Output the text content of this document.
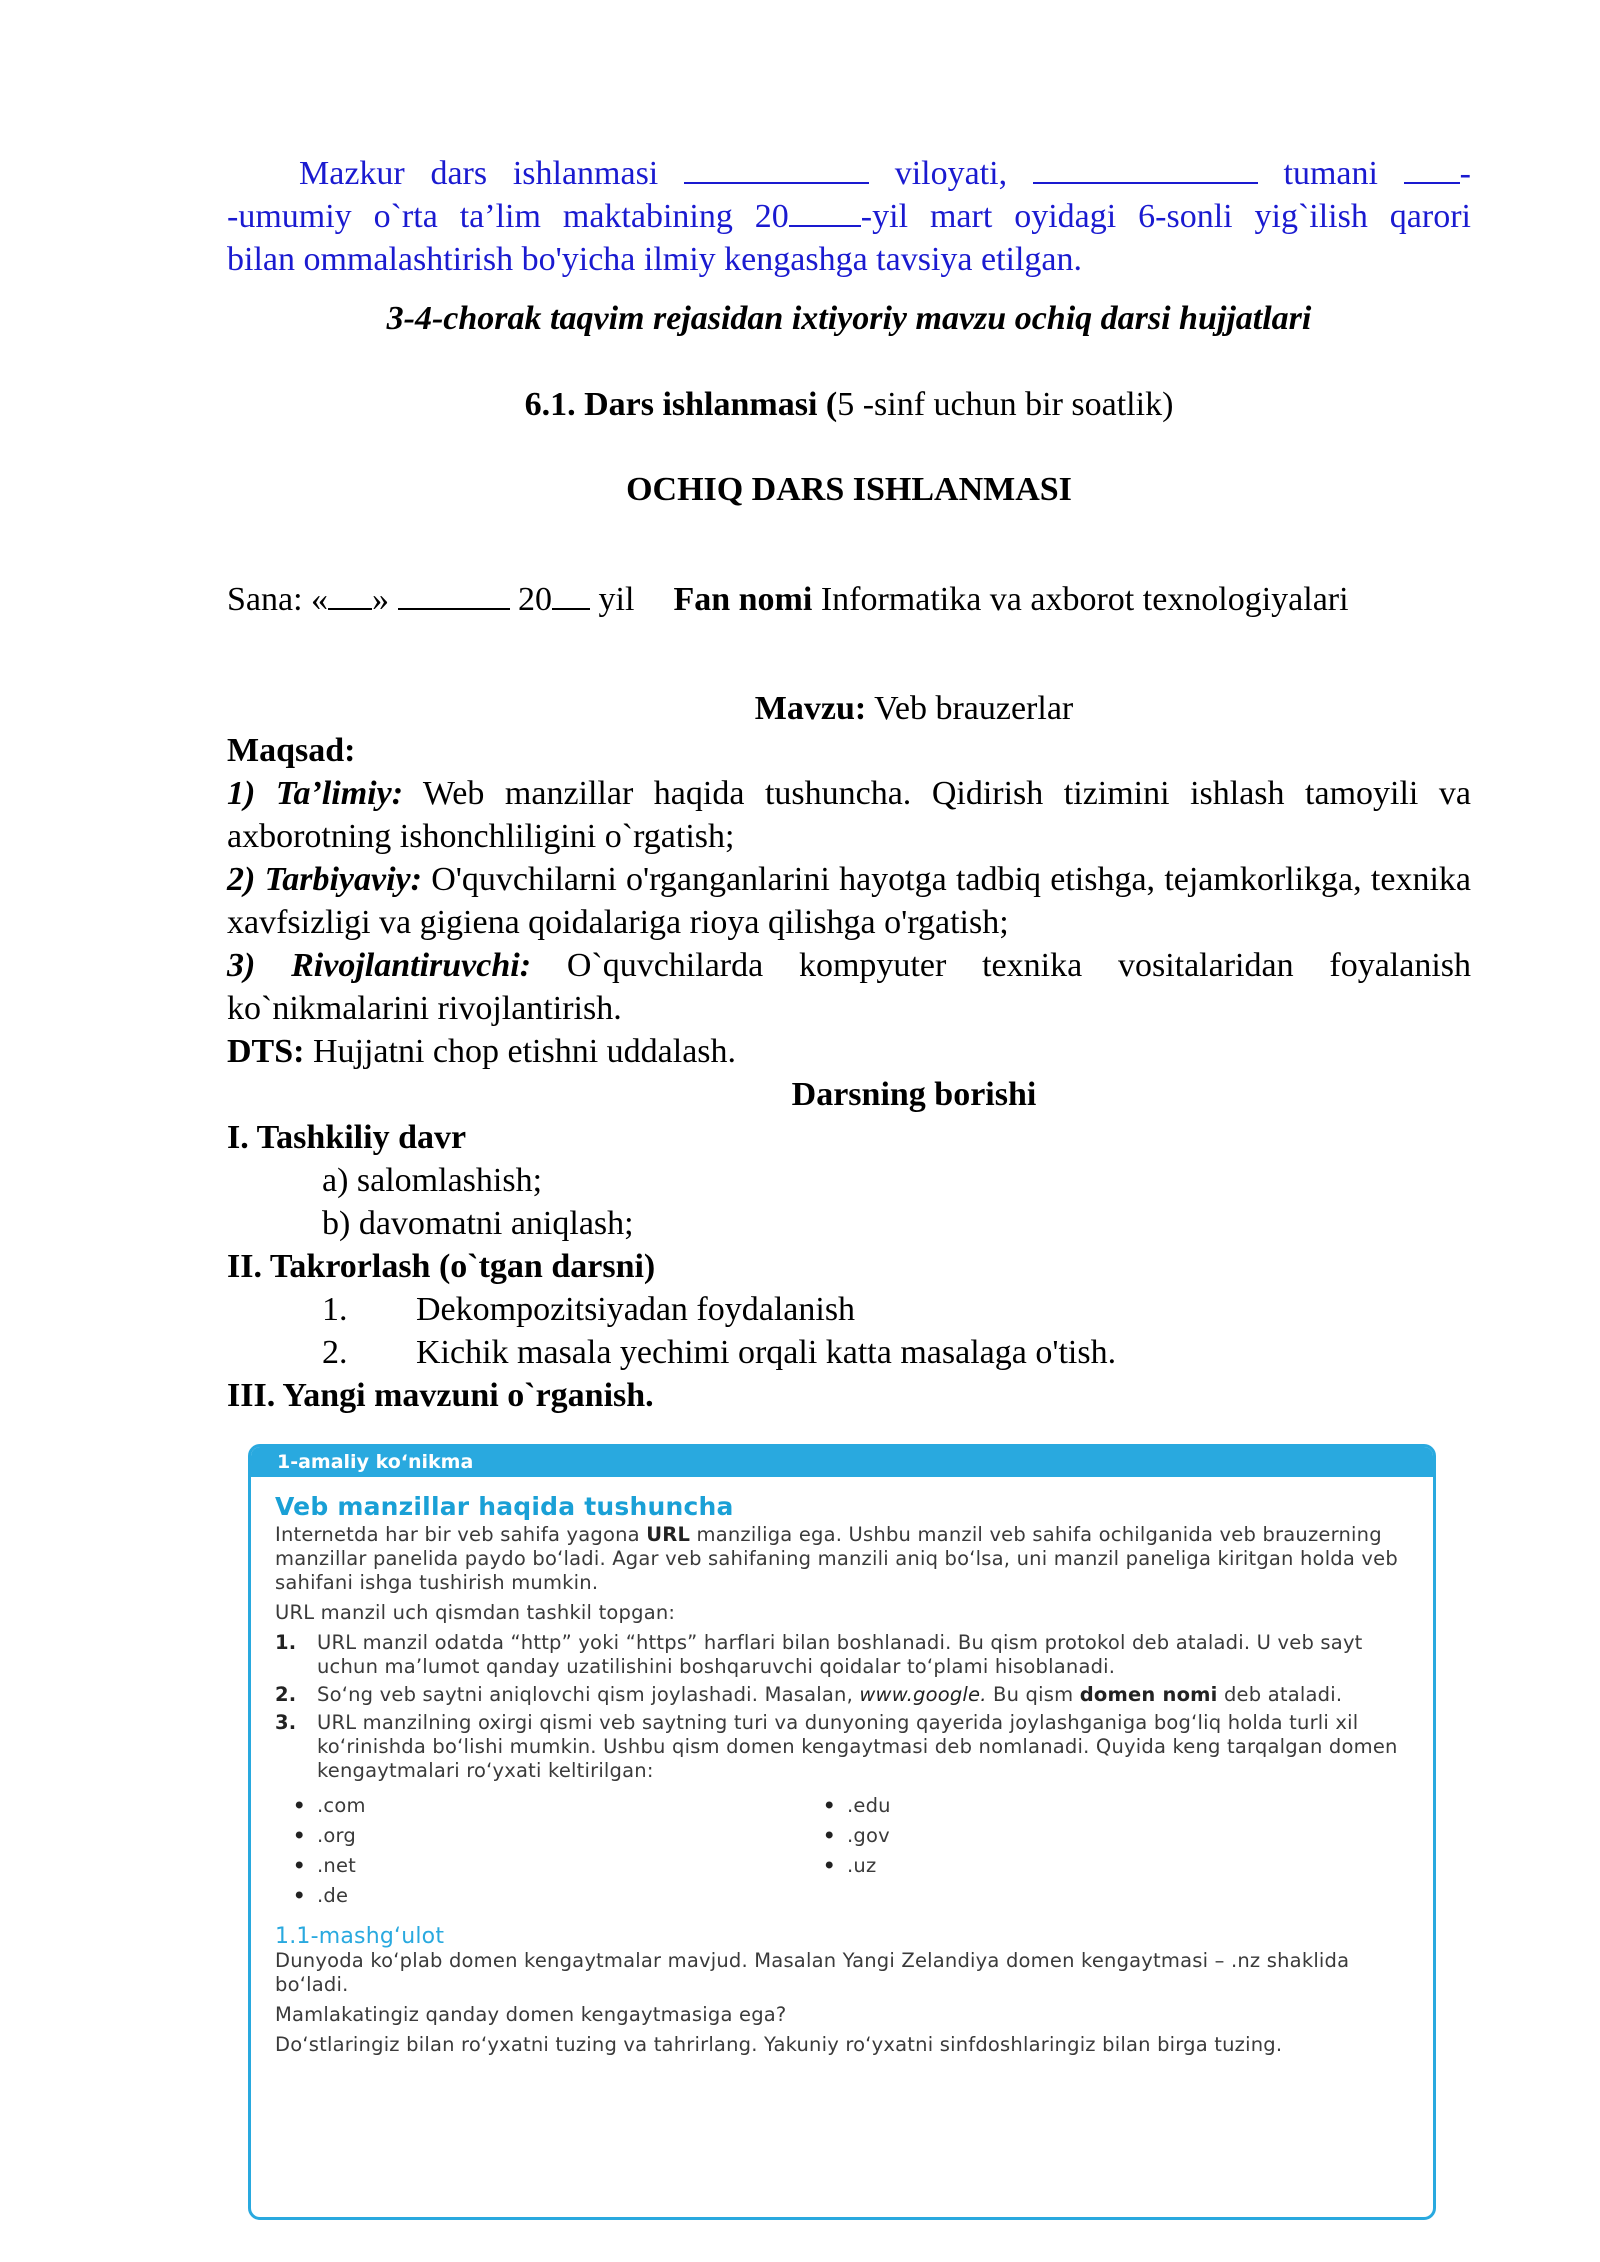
Mazkur dars ishlanmasi	viloyati,	tumani -
-umumiy o`rta ta’lim maktabining 20 -yil mart oyidagi 6-sonli yig`ilish qarori
bilan ommalashtirish bo'yicha ilmiy kengashga tavsiya etilgan.
3-4-chorak taqvim rejasidan ixtiyoriy mavzu ochiq darsi hujjatlari
6.1. Dars ishlanmasi (5 -sinf uchun bir soatlik)
OCHIQ DARS ISHLANMASI
Sana: « »	20 yil Fan nomi Informatika va axborot texnologiyalari
Mavzu: Veb brauzerlar
Maqsad:
1) Ta’limiy: Web manzillar haqida tushuncha. Qidirish tizimini ishlash tamoyili va axborotning ishonchliligini o`rgatish;
2) Tarbiyaviy: O'quvchilarni o'rganganlarini hayotga tadbiq etishga, tejamkorlikga, texnika xavfsizligi va gigiena qoidalariga rioya qilishga o'rgatish;
3) Rivojlantiruvchi: O`quvchilarda kompyuter texnika vositalaridan foyalanish ko`nikmalarini rivojlantirish.
DTS: Hujjatni chop etishni uddalash.
Darsning borishi
I. Tashkiliy davr
a) salomlashish;
b) davomatni aniqlash;
II. Takrorlash (o`tgan darsni)
1. Dekompozitsiyadan foydalanish
2. Kichik masala yechimi orqali katta masalaga o'tish.
III. Yangi mavzuni o`rganish.
1-amaliy ko‘nikma
Veb manzillar haqida tushuncha

Internetda har bir veb sahifa yagona URL manziliga ega. Ushbu manzil veb sahifa ochilganida veb brauzerning manzillar panelida paydo bo‘ladi. Agar veb sahifaning manzili aniq bo‘lsa, uni manzil paneliga kiritgan holda veb sahifani ishga tushirish mumkin.

URL manzil uch qismdan tashkil topgan:

1.	URL manzil odatda “http” yoki “https” harflari bilan boshlanadi. Bu qism protokol deb ataladi. U veb sayt uchun ma’lumot qanday uzatilishini boshqaruvchi qoidalar to‘plami hisoblanadi.
2.	So‘ng veb saytni aniqlovchi qism joylashadi. Masalan, www.google. Bu qism domen nomi deb ataladi.
3.	URL manzilning oxirgi qismi veb saytning turi va dunyoning qayerida joylashganiga bog‘liq holda turli xil ko‘rinishda bo‘lishi mumkin. Ushbu qism domen kengaytmasi deb nomlanadi. Quyida keng tarqalgan domen kengaytmalari ro‘yxati keltirilgan:
• .com
• .org
• .net
• .de
• .edu
• .gov
• .uz
1.1-mashg‘ulot

Dunyoda ko‘plab domen kengaytmalar mavjud. Masalan Yangi Zelandiya domen kengaytmasi – .nz shaklida bo‘ladi.

Mamlakatingiz qanday domen kengaytmasiga ega?

Do‘stlaringiz bilan ro‘yxatni tuzing va tahrirlang. Yakuniy ro‘yxatni sinfdoshlaringiz bilan birga tuzing.
